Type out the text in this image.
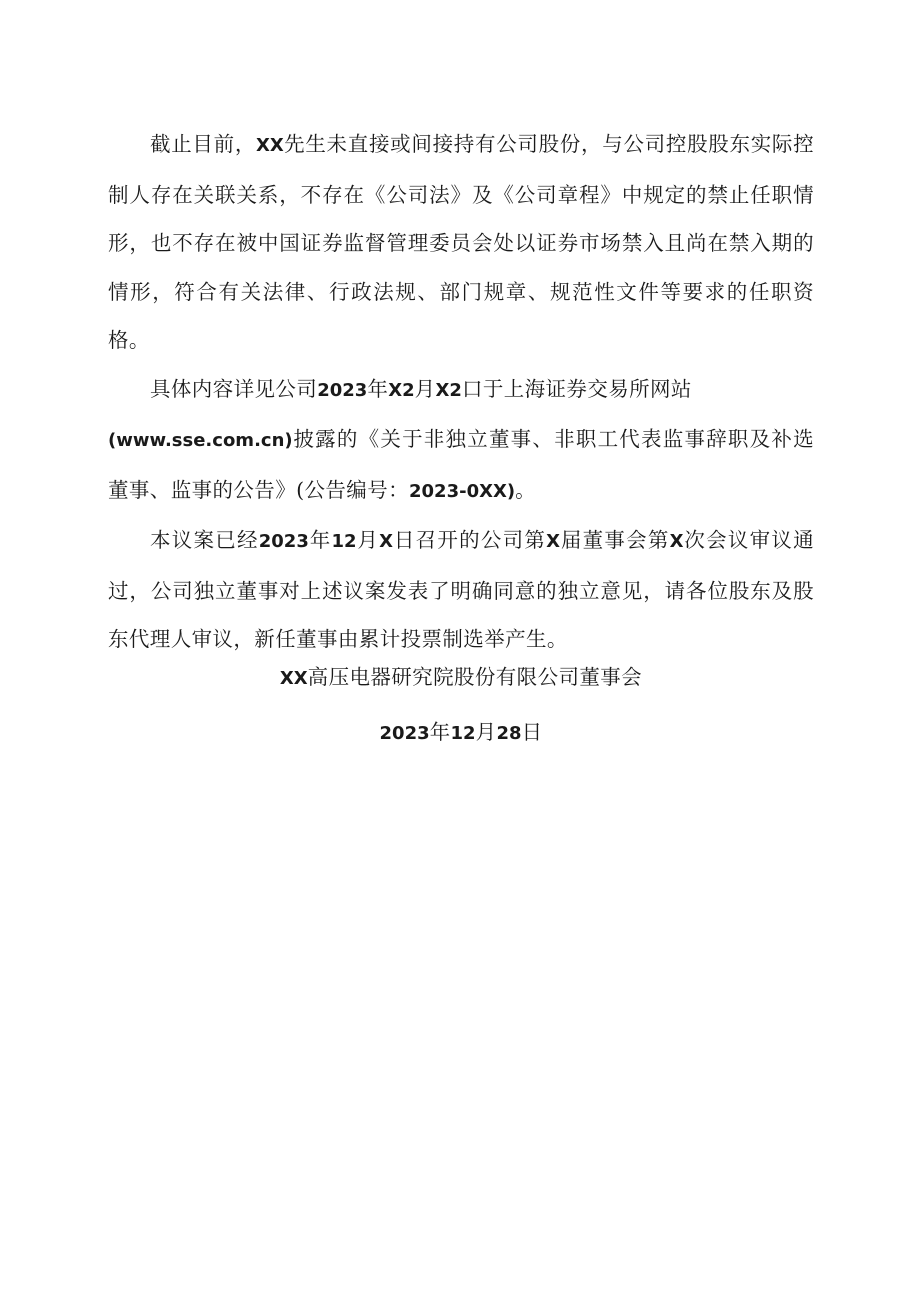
截止目前，XX先生未直接或间接持有公司股份，与公司控股股东实际控制人存在关联关系，不存在《公司法》及《公司章程》中规定的禁止任职情形，也不存在被中国证券监督管理委员会处以证券市场禁入且尚在禁入期的情形，符合有关法律、行政法规、部门规章、规范性文件等要求的任职资格。

具体内容详见公司2023年X2月X2口于上海证券交易所网站
(www.sse.com.cn)披露的《关于非独立董事、非职工代表监事辞职及补选董事、监事的公告》(公告编号：2023-0XX)。

本议案已经2023年12月X日召开的公司第X届董事会第X次会议审议通过，公司独立董事对上述议案发表了明确同意的独立意见，请各位股东及股东代理人审议，新任董事由累计投票制选举产生。

XX高压电器研究院股份有限公司董事会
2023年12月28日
